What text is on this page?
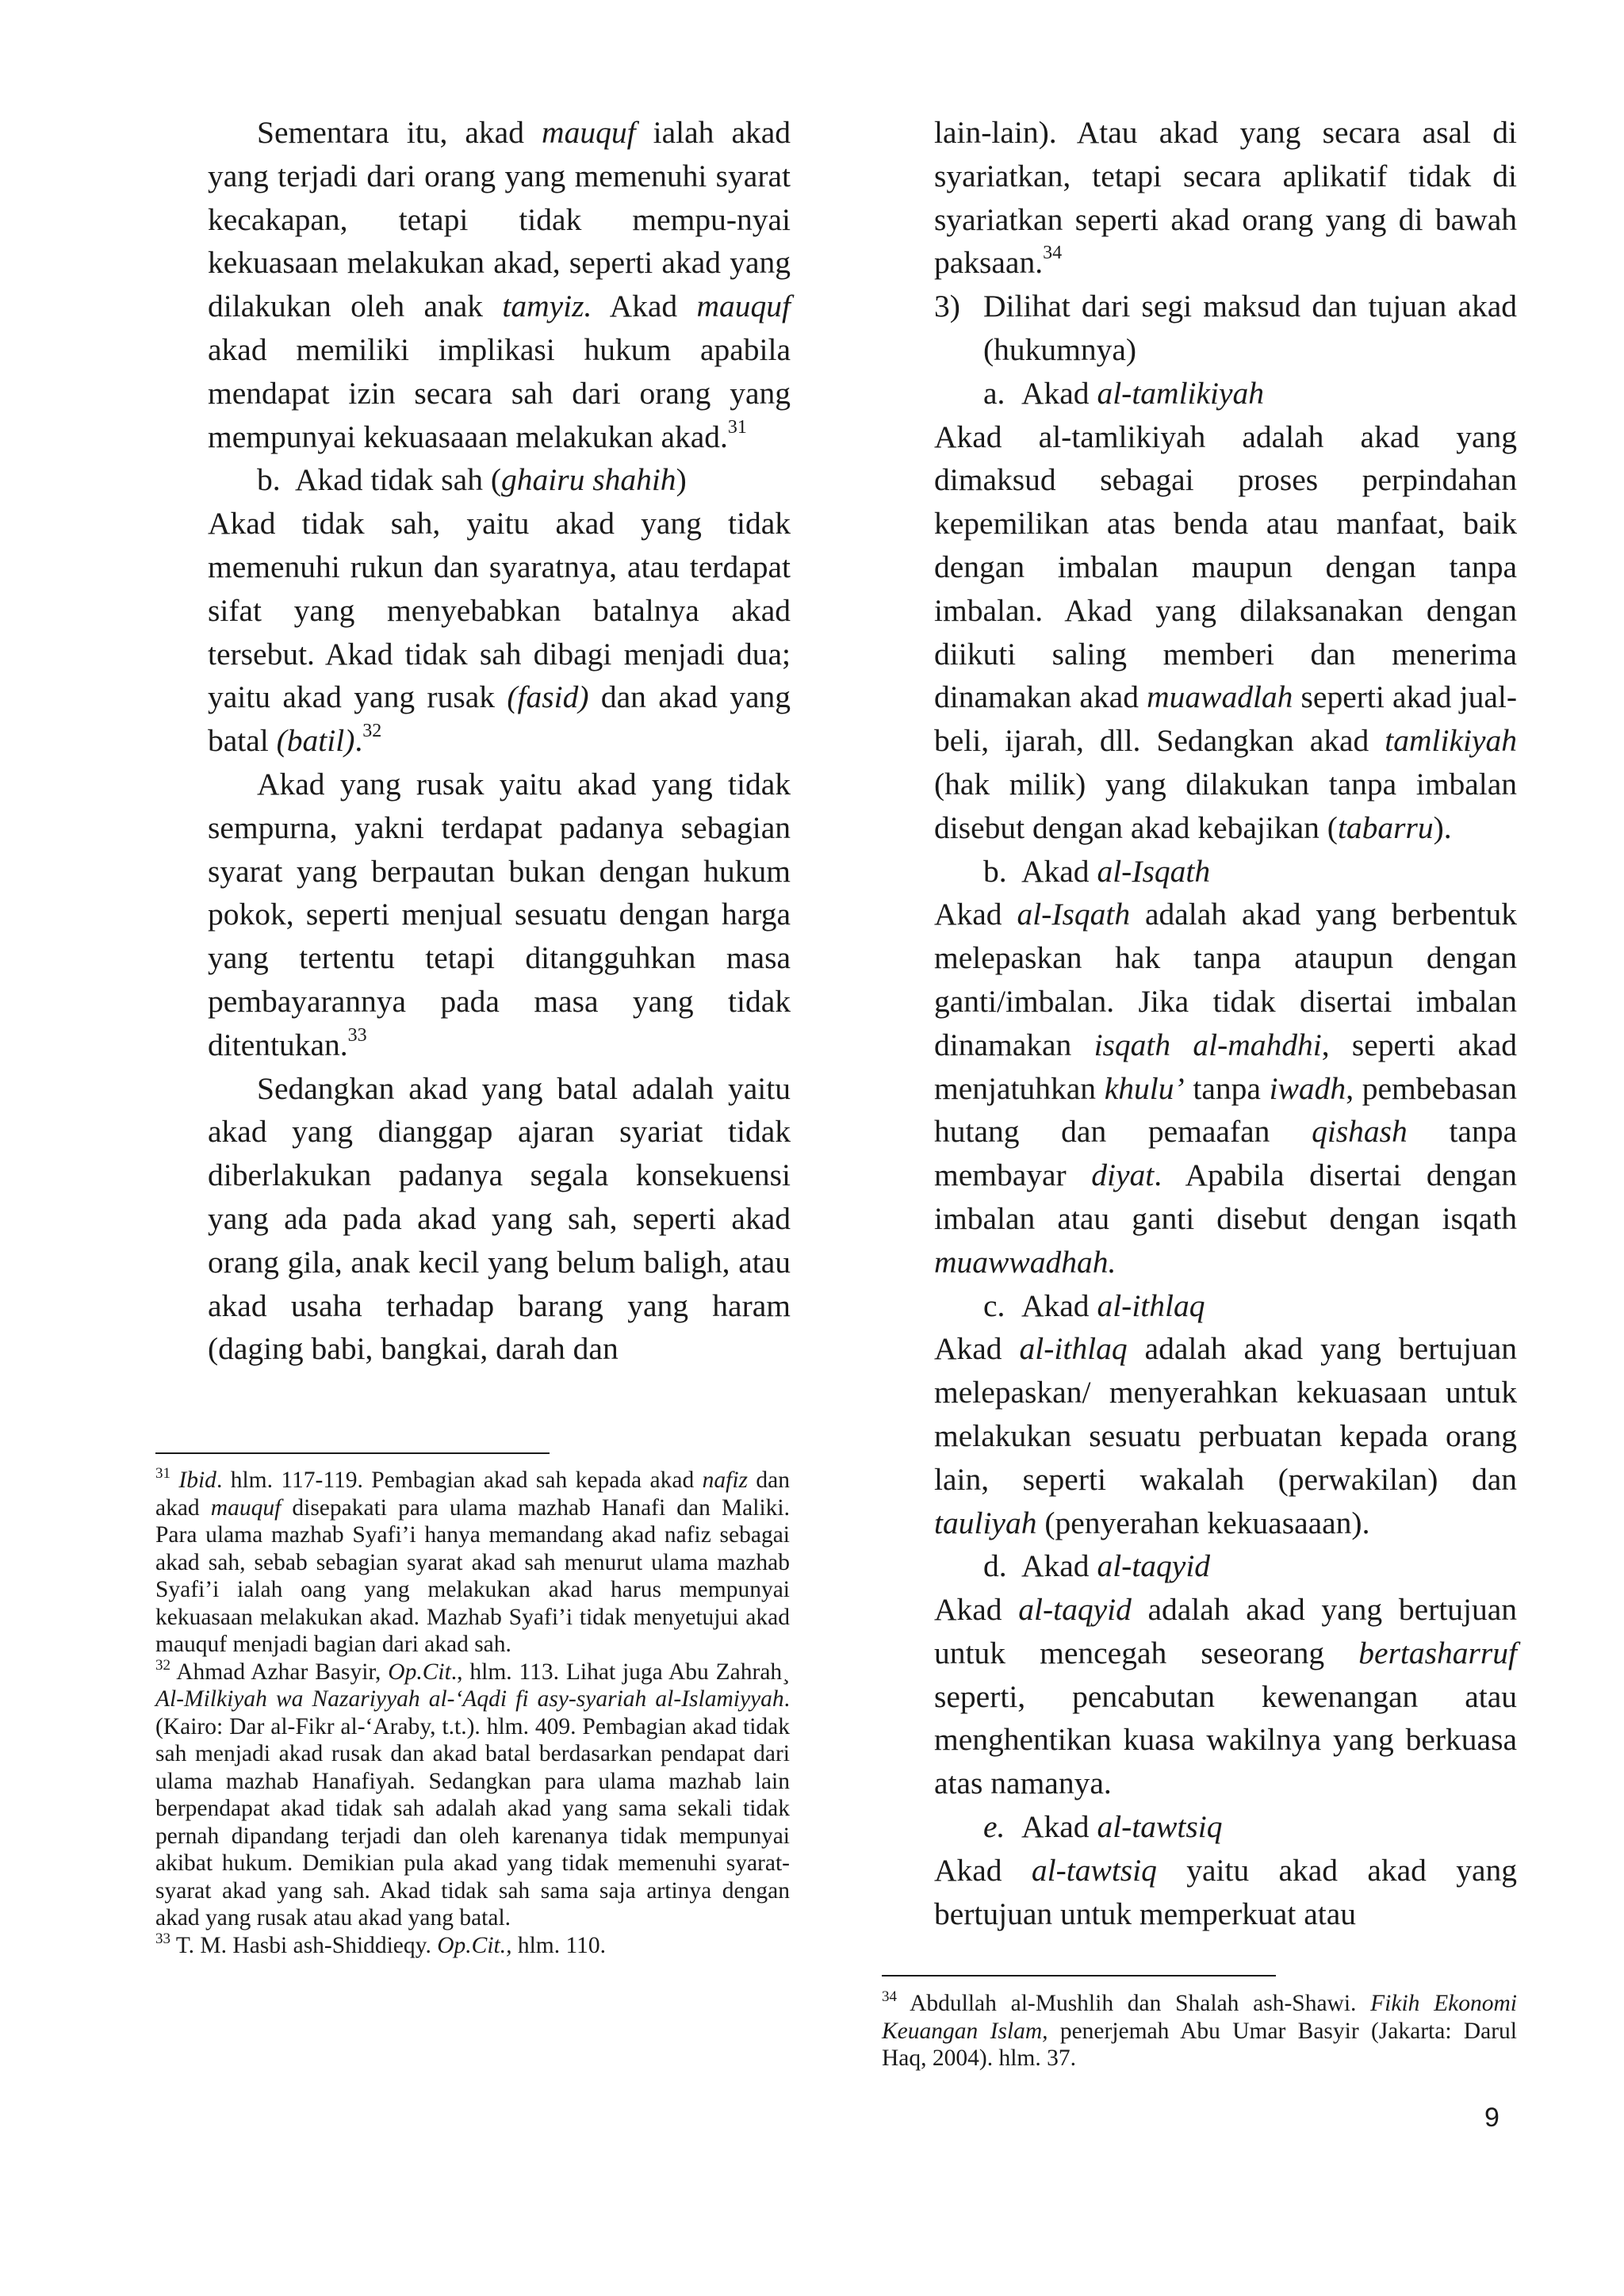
Sementara itu, akad mauquf ialah akad yang terjadi dari orang yang memenuhi syarat kecakapan, tetapi tidak mempu-nyai kekuasaan melakukan akad, seperti akad yang dilakukan oleh anak tamyiz. Akad mauquf akad memiliki implikasi hukum apabila mendapat izin secara sah dari orang yang mempunyai kekuasaaan melakukan akad.$^{31}$

b. Akad tidak sah (ghairu shahih)

Akad tidak sah, yaitu akad yang tidak memenuhi rukun dan syaratnya, atau terdapat sifat yang menyebabkan batalnya akad tersebut. Akad tidak sah dibagi menjadi dua; yaitu akad yang rusak (fasid) dan akad yang batal (batil).$^{32}$

Akad yang rusak yaitu akad yang tidak sempurna, yakni terdapat padanya sebagian syarat yang berpautan bukan dengan hukum pokok, seperti menjual sesuatu dengan harga yang tertentu tetapi ditangguhkan masa pembayarannya pada masa yang tidak ditentukan.$^{33}$

Sedangkan akad yang batal adalah yaitu akad yang dianggap ajaran syariat tidak diberlakukan padanya segala konsekuensi yang ada pada akad yang sah, seperti akad orang gila, anak kecil yang belum baligh, atau akad usaha terhadap barang yang haram (daging babi, bangkai, darah dan

lain-lain). Atau akad yang secara asal di syariatkan, tetapi secara aplikatif tidak di syariatkan seperti akad orang yang di bawah paksaan.$^{34}$

3) Dilihat dari segi maksud dan tujuan akad (hukumnya)

a. Akad al-tamlikiyah

Akad al-tamlikiyah adalah akad yang dimaksud sebagai proses perpindahan kepemilikan atas benda atau manfaat, baik dengan imbalan maupun dengan tanpa imbalan. Akad yang dilaksanakan dengan diikuti saling memberi dan menerima dinamakan akad muawadlah seperti akad jual-beli, ijarah, dll. Sedangkan akad tamlikiyah (hak milik) yang dilakukan tanpa imbalan disebut dengan akad kebajikan (tabarru).

b. Akad al-Isqath

Akad al-Isqath adalah akad yang berbentuk melepaskan hak tanpa ataupun dengan ganti/imbalan. Jika tidak disertai imbalan dinamakan isqath al-mahdhi, seperti akad menjatuhkan khulu’ tanpa iwadh, pembebasan hutang dan pemaafan qishash tanpa membayar diyat. Apabila disertai dengan imbalan atau ganti disebut dengan isqath muawwadhah.

c. Akad al-ithlaq

Akad al-ithlaq adalah akad yang bertujuan melepaskan/ menyerahkan kekuasaan untuk melakukan sesuatu perbuatan kepada orang lain, seperti wakalah (perwakilan) dan tauliyah (penyerahan kekuasaaan).

d. Akad al-taqyid

Akad al-taqyid adalah akad yang bertujuan untuk mencegah seseorang bertasharruf seperti, pencabutan kewenangan atau menghentikan kuasa wakilnya yang berkuasa atas namanya.

e. Akad al-tawtsiq

Akad al-tawtsiq yaitu akad akad yang bertujuan untuk memperkuat atau

$^{31}$ Ibid. hlm. 117-119. Pembagian akad sah kepada akad nafiz dan akad mauquf disepakati para ulama mazhab Hanafi dan Maliki. Para ulama mazhab Syafi’i hanya memandang akad nafiz sebagai akad sah, sebab sebagian syarat akad sah menurut ulama mazhab Syafi’i ialah oang yang melakukan akad harus mempunyai kekuasaan melakukan akad. Mazhab Syafi’i tidak menyetujui akad mauquf menjadi bagian dari akad sah.

$^{32}$ Ahmad Azhar Basyir, Op.Cit., hlm. 113. Lihat juga Abu Zahrah¸ Al-Milkiyah wa Nazariyyah al-‘Aqdi fi asy-syariah al-Islamiyyah. (Kairo: Dar al-Fikr al-‘Araby, t.t.). hlm. 409. Pembagian akad tidak sah menjadi akad rusak dan akad batal berdasarkan pendapat dari ulama mazhab Hanafiyah. Sedangkan para ulama mazhab lain berpendapat akad tidak sah adalah akad yang sama sekali tidak pernah dipandang terjadi dan oleh karenanya tidak mempunyai akibat hukum. Demikian pula akad yang tidak memenuhi syarat-syarat akad yang sah. Akad tidak sah sama saja artinya dengan akad yang rusak atau akad yang batal.

$^{33}$ T. M. Hasbi ash-Shiddieqy. Op.Cit., hlm. 110.

$^{34}$ Abdullah al-Mushlih dan Shalah ash-Shawi. Fikih Ekonomi Keuangan Islam, penerjemah Abu Umar Basyir (Jakarta: Darul Haq, 2004). hlm. 37.

9
